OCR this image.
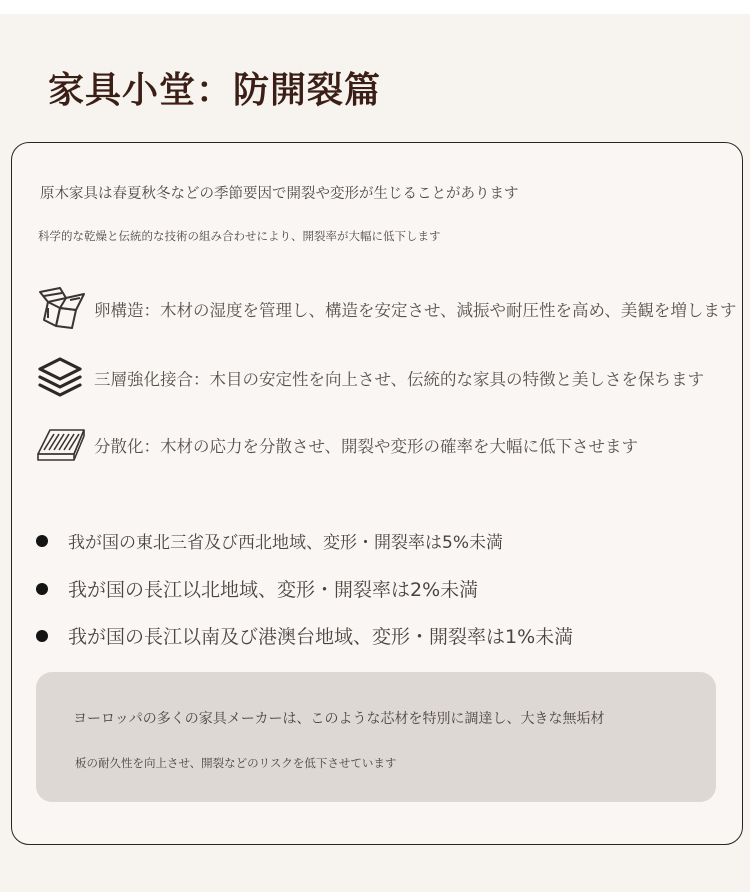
家具小堂：防開裂篇
原木家具は春夏秋冬などの季節要因で開裂や変形が生じることがあります
科学的な乾燥と伝統的な技術の組み合わせにより、開裂率が大幅に低下します
卵構造：木材の湿度を管理し、構造を安定させ、減振や耐圧性を高め、美観を増します
三層強化接合：木目の安定性を向上させ、伝統的な家具の特徴と美しさを保ちます
分散化：木材の応力を分散させ、開裂や変形の確率を大幅に低下させます
我が国の東北三省及び西北地域、変形・開裂率は5%未満
我が国の長江以北地域、変形・開裂率は2%未満
我が国の長江以南及び港澳台地域、変形・開裂率は1%未満
ヨーロッパの多くの家具メーカーは、このような芯材を特別に調達し、大きな無垢材
板の耐久性を向上させ、開裂などのリスクを低下させています
